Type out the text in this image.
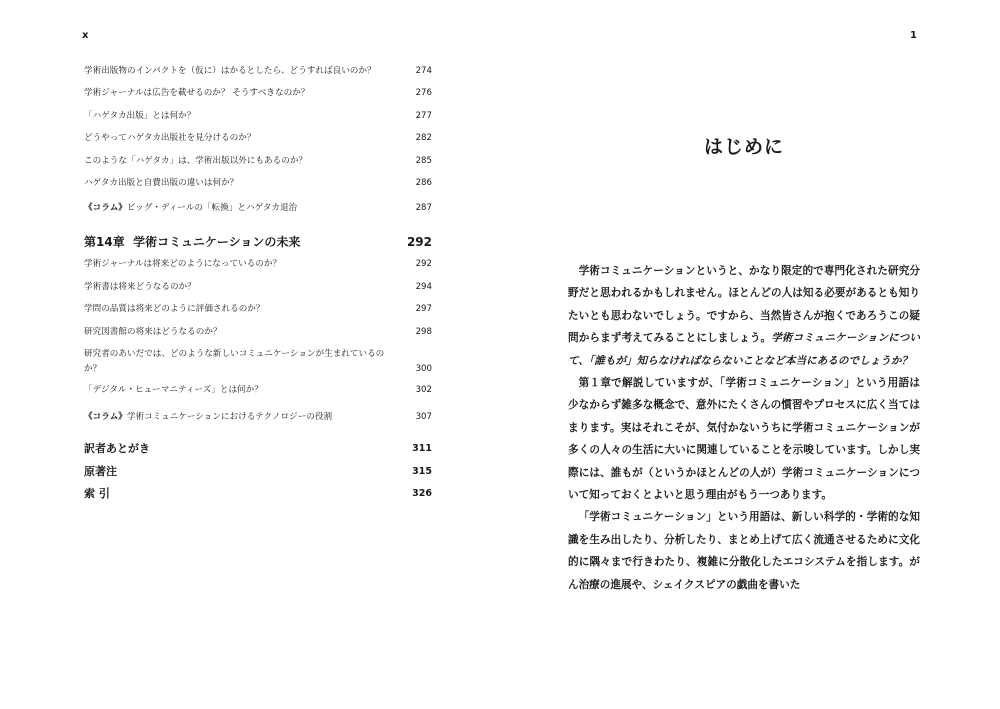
x	1
学術出版物のインパクトを（仮に）はかるとしたら、どうすれば良いのか？	274
学術ジャーナルは広告を載せるのか？ そうすべきなのか？	276
「ハゲタカ出版」とは何か？	277
どうやってハゲタカ出版社を見分けるのか？	282
このような「ハゲタカ」は、学術出版以外にもあるのか？	285
ハゲタカ出版と自費出版の違いは何か？	286
《コラム》ビッグ・ディールの「転換」とハゲタカ退治	287
第14章 学術コミュニケーションの未来	292
学術ジャーナルは将来どのようになっているのか？	292
学術書は将来どうなるのか？	294
学問の品質は将来どのように評価されるのか？	297
研究図書館の将来はどうなるのか？	298
研究者のあいだでは、どのような新しいコミュニケーションが生まれているのか？	300
「デジタル・ヒューマニティーズ」とは何か？	302
《コラム》学術コミュニケーションにおけるテクノロジーの役割	307
訳者あとがき	311
原著注	315
索 引	326
はじめに

学術コミュニケーションというと、かなり限定的で専門化された研究分野だと思われるかもしれません。ほとんどの人は知る必要があるとも知りたいとも思わないでしょう。ですから、当然皆さんが抱くであろうこの疑問からまず考えてみることにしましょう。学術コミュニケーションについて、「誰もが」知らなければならないことなど本当にあるのでしょうか？

第１章で解説していますが、「学術コミュニケーション」という用語は少なからず雑多な概念で、意外にたくさんの慣習やプロセスに広く当てはまります。実はそれこそが、気付かないうちに学術コミュニケーションが多くの人々の生活に大いに関連していることを示唆しています。しかし実際には、誰もが（というかほとんどの人が）学術コミュニケーションについて知っておくとよいと思う理由がもう一つあります。

「学術コミュニケーション」という用語は、新しい科学的・学術的な知識を生み出したり、分析したり、まとめ上げて広く流通させるために文化的に隅々まで行きわたり、複雑に分散化したエコシステムを指します。がん治療の進展や、シェイクスピアの戯曲を書いた
